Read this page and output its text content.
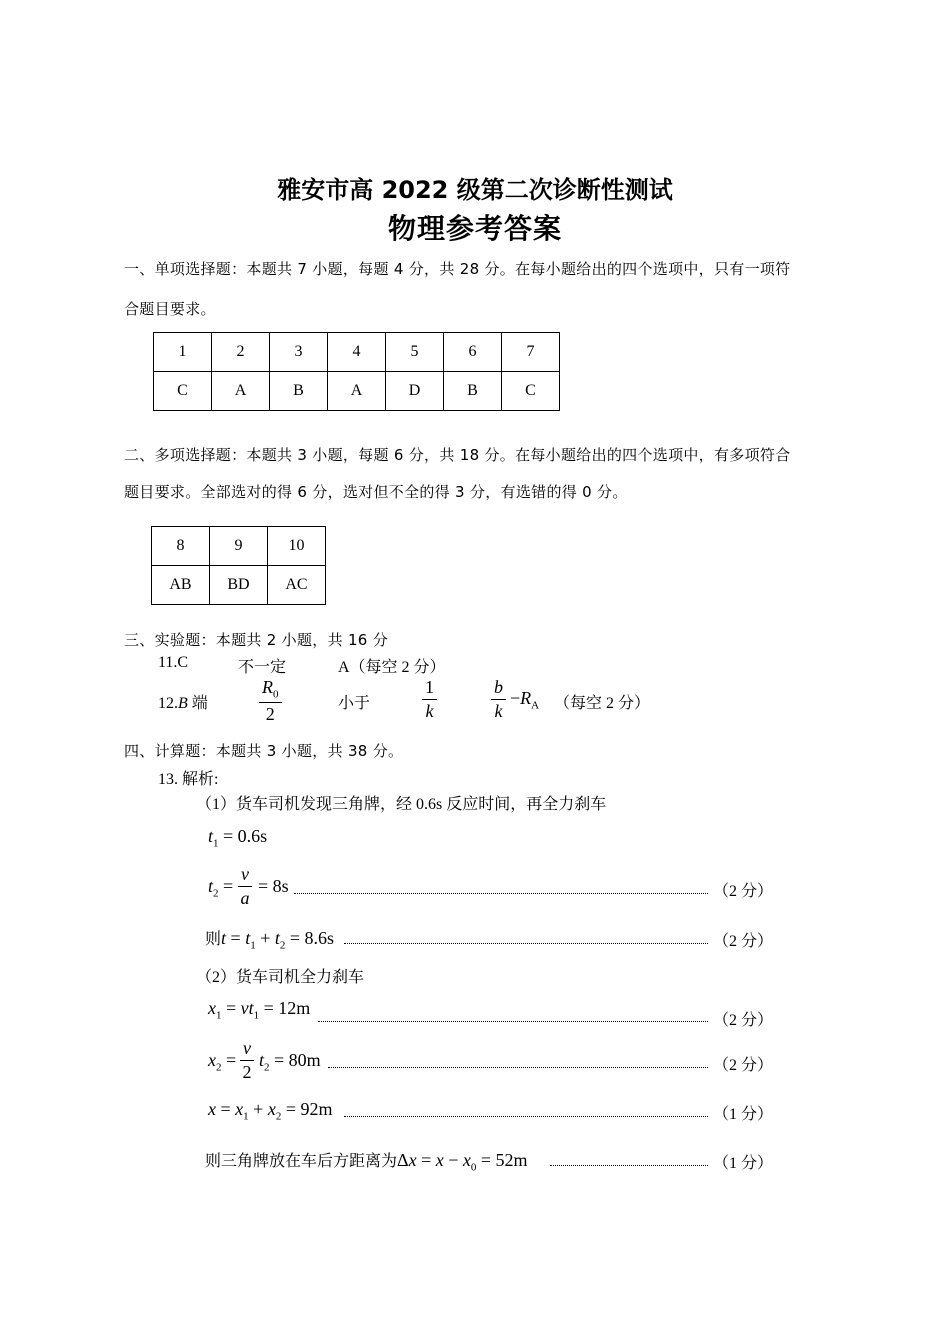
雅安市高 2022 级第二次诊断性测试
物理参考答案
一、单项选择题：本题共 7 小题，每题 4 分，共 28 分。在每小题给出的四个选项中，只有一项符
合题目要求。
1	2	3	4	5	6	7
C	A	B	A	D	B	C
二、多项选择题：本题共 3 小题，每题 6 分，共 18 分。在每小题给出的四个选项中，有多项符合
题目要求。全部选对的得 6 分，选对但不全的得 3 分，有选错的得 0 分。
8	9	10
AB	BD	AC
三、实验题：本题共 2 小题，共 16 分
11.C	不一定	A（每空 2 分）
12.B 端
$R_0$
2
小于
1
k
b
k
$-R_A$ （每空 2 分）
四、计算题：本题共 3 小题，共 38 分。
13. 解析:
（1）货车司机发现三角牌，经 0.6s 反应时间，再全力刹车
$t_1 = 0.6s$
$t_2$ =
v
a
= 8s	（2 分）
则$t = t_1 + t_2 = 8.6s$	（2 分）
（2）货车司机全力刹车
$x_1 = vt_1 = 12m$
（2 分）
$x_2$ =
v
2
$t_2 = 80m$	（2 分）
$x = x_1 + x_2 = 92m$	（1 分）
则三角牌放在车后方距离为$\Delta x = x - x_0 = 52m$	（1 分）
